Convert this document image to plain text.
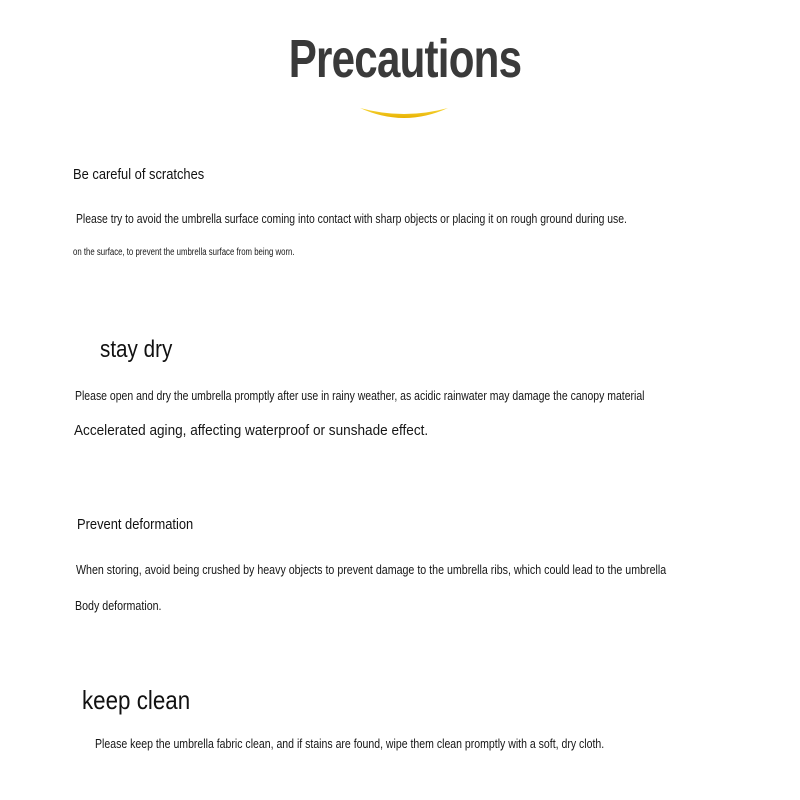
Precautions

Be careful of scratches

Please try to avoid the umbrella surface coming into contact with sharp objects or placing it on rough ground during use.

on the surface, to prevent the umbrella surface from being worn.

stay dry

Please open and dry the umbrella promptly after use in rainy weather, as acidic rainwater may damage the canopy material

Accelerated aging, affecting waterproof or sunshade effect.

Prevent deformation

When storing, avoid being crushed by heavy objects to prevent damage to the umbrella ribs, which could lead to the umbrella

Body deformation.

keep clean

Please keep the umbrella fabric clean, and if stains are found, wipe them clean promptly with a soft, dry cloth.
